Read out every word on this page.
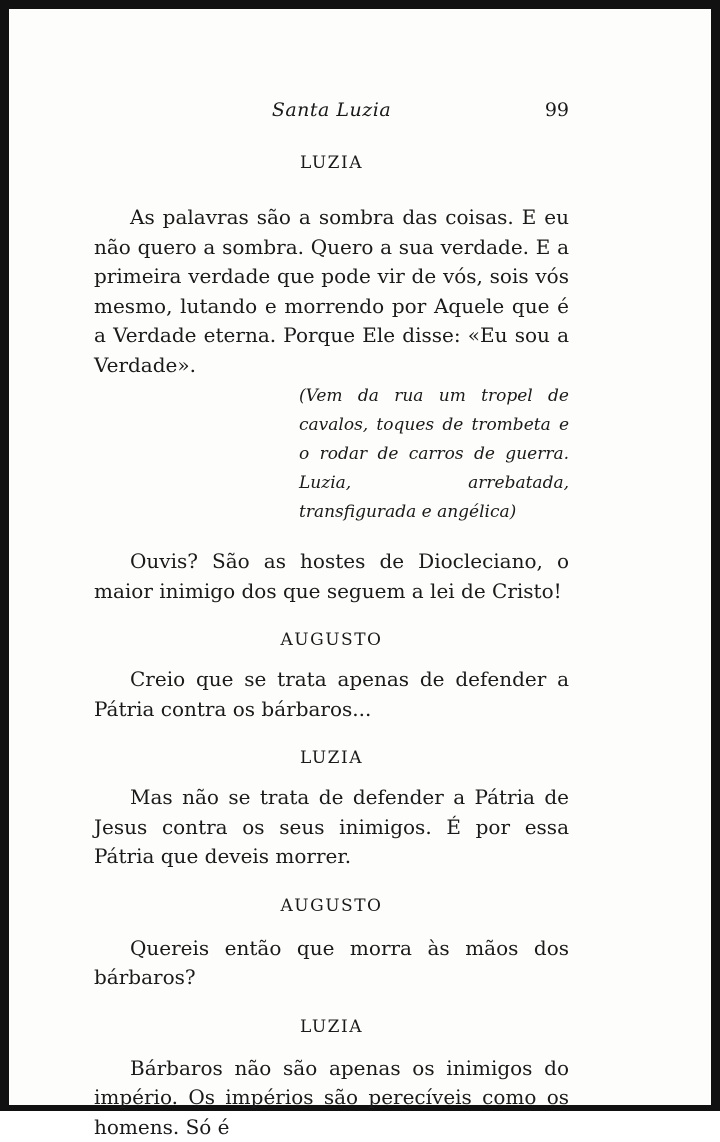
Santa Luzia	99

LUZIA

As palavras são a sombra das coisas. E eu não quero a sombra. Quero a sua verdade. E a primeira verdade que pode vir de vós, sois vós mesmo, lutando e morrendo por Aquele que é a Verdade eterna. Porque Ele disse: «Eu sou a Verdade».

(Vem da rua um tropel de cavalos, toques de trombeta e o rodar de carros de guerra. Luzia, arrebatada, transfigurada e angélica)

Ouvis? São as hostes de Diocleciano, o maior inimigo dos que seguem a lei de Cristo!

AUGUSTO

Creio que se trata apenas de defender a Pátria contra os bárbaros...

LUZIA

Mas não se trata de defender a Pátria de Jesus contra os seus inimigos. É por essa Pátria que deveis morrer.

AUGUSTO

Quereis então que morra às mãos dos bárbaros?

LUZIA

Bárbaros não são apenas os inimigos do império. Os impérios são perecíveis como os homens. Só é
